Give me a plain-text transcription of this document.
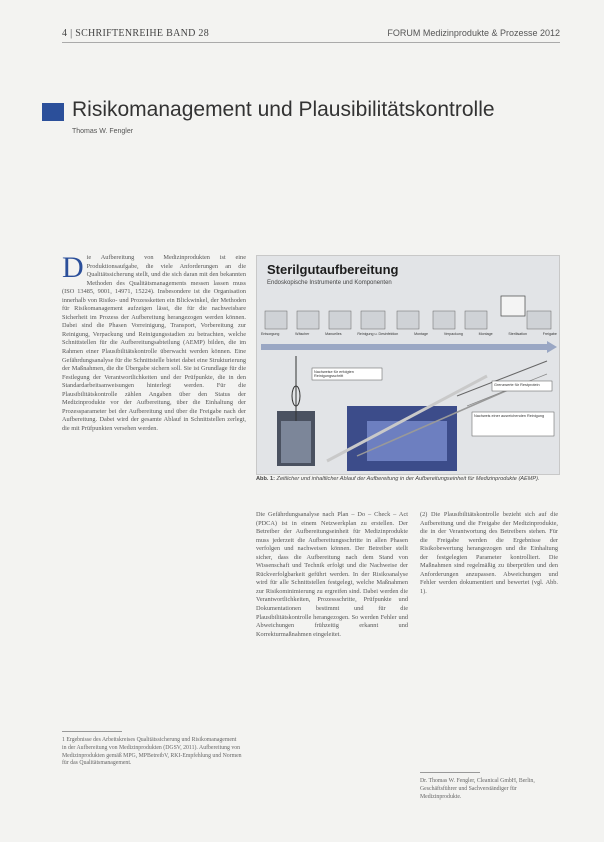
4 | SCHRIFTENREIHE BAND 28	FORUM Medizinprodukte & Prozesse 2012
Risikomanagement und Plausibilitätskontrolle
Thomas W. Fengler
Die Aufbereitung von Medizinprodukten ist eine Produktionsaufgabe, die viele Anforderungen an die Qualitätssicherung stellt, und die sich daran mit den bekannten Methoden des Qualitätsmanagements messen lassen muss (ISO 13485, 9001, 14971, 15224). Insbesondere ist die Organisation innerhalb von Risiko- und Prozessketten ein Blickwinkel, der Methoden für Risikomanagement aufzeigen lässt, die für die nachweisbare Sicherheit im Prozess der Aufbereitung herangezogen werden können. Dabei sind die Phasen Vorreinigung, Transport, Vorbereitung zur Reinigung, Verpackung und Reinigungsstadien zu betrachten, welche Schnittstellen für die Aufbereitungsabteilung (AEMP) bilden, die im Rahmen einer Plausibilitätskontrolle überwacht werden können. Eine Gefährdungsanalyse für die Schnittstelle bietet dabei eine Strukturierung der Maßnahmen, die die Übergabe sichern soll. Sie ist Grundlage für die Festlegung der Verantwortlichkeiten und der Prüfpunkte, die in den Standardarbeitsanweisungen hinterlegt werden. Für die Plausibilitätskontrolle zählen Angaben über den Status der Medizinprodukte vor der Aufbereitung, über die Einhaltung der Prozessparameter bei der Aufbereitung und über die Freigabe nach der Aufbereitung. Dabei wird der gesamte Ablauf in Schnittstellen zerlegt, die mit Prüfpunkten versehen werden.
Sterilgutaufbereitung
Endoskopische Instrumente und Komponenten
Entsorgung	Wäscher	Manuelles	Reinigung u. Desinfektion	Montage	Verpackung	Montage	Sterilisation	Freigabe
Nachweise für erfolgten Reinigungsschritt
Nachweis einer ausreichenden Reinigung
Grenzwerte für Restprotein
Abb. 1: Zeitlicher und inhaltlicher Ablauf der Aufbereitung in der Aufbereitungseinheit für Medizinprodukte (AEMP).
Die Gefährdungsanalyse nach Plan – Do – Check – Act (PDCA) ist in einem Netzwerkplan zu erstellen. Der Betreiber der Aufbereitungseinheit für Medizinprodukte muss jederzeit die Aufbereitungsschritte in allen Phasen verfolgen und nachweisen können. Der Betreiber stellt sicher, dass die Aufbereitung nach dem Stand von Wissenschaft und Technik erfolgt und die Nachweise der Rückverfolgbarkeit geführt werden. In der Risikoanalyse wird für alle Schnittstellen festgelegt, welche Maßnahmen zur Risikominimierung zu ergreifen sind. Dabei werden die Verantwortlichkeiten, Prozessschritte, Prüfpunkte und Dokumentationen bestimmt und für die Plausibilitätskontrolle herangezogen. So werden Fehler und Abweichungen frühzeitig erkannt und Korrekturmaßnahmen eingeleitet.
(2) Die Plausibilitätskontrolle bezieht sich auf die Aufbereitung und die Freigabe der Medizinprodukte, die in der Verantwortung des Betreibers stehen. Für die Freigabe werden die Ergebnisse der Risikobewertung herangezogen und die Einhaltung der festgelegten Parameter kontrolliert. Die Maßnahmen sind regelmäßig zu überprüfen und den Anforderungen anzupassen. Abweichungen und Fehler werden dokumentiert und bewertet (vgl. Abb. 1).
1 Ergebnisse des Arbeitskreises Qualitätssicherung und Risikomanagement in der Aufbereitung von Medizinprodukten (DGSV, 2011). Aufbereitung von Medizinprodukten gemäß MPG, MPBetreibV, RKI-Empfehlung und Normen für das Qualitätsmanagement.
Dr. Thomas W. Fengler, Cleanical GmbH, Berlin, Geschäftsführer und Sachverständiger für Medizinprodukte.
